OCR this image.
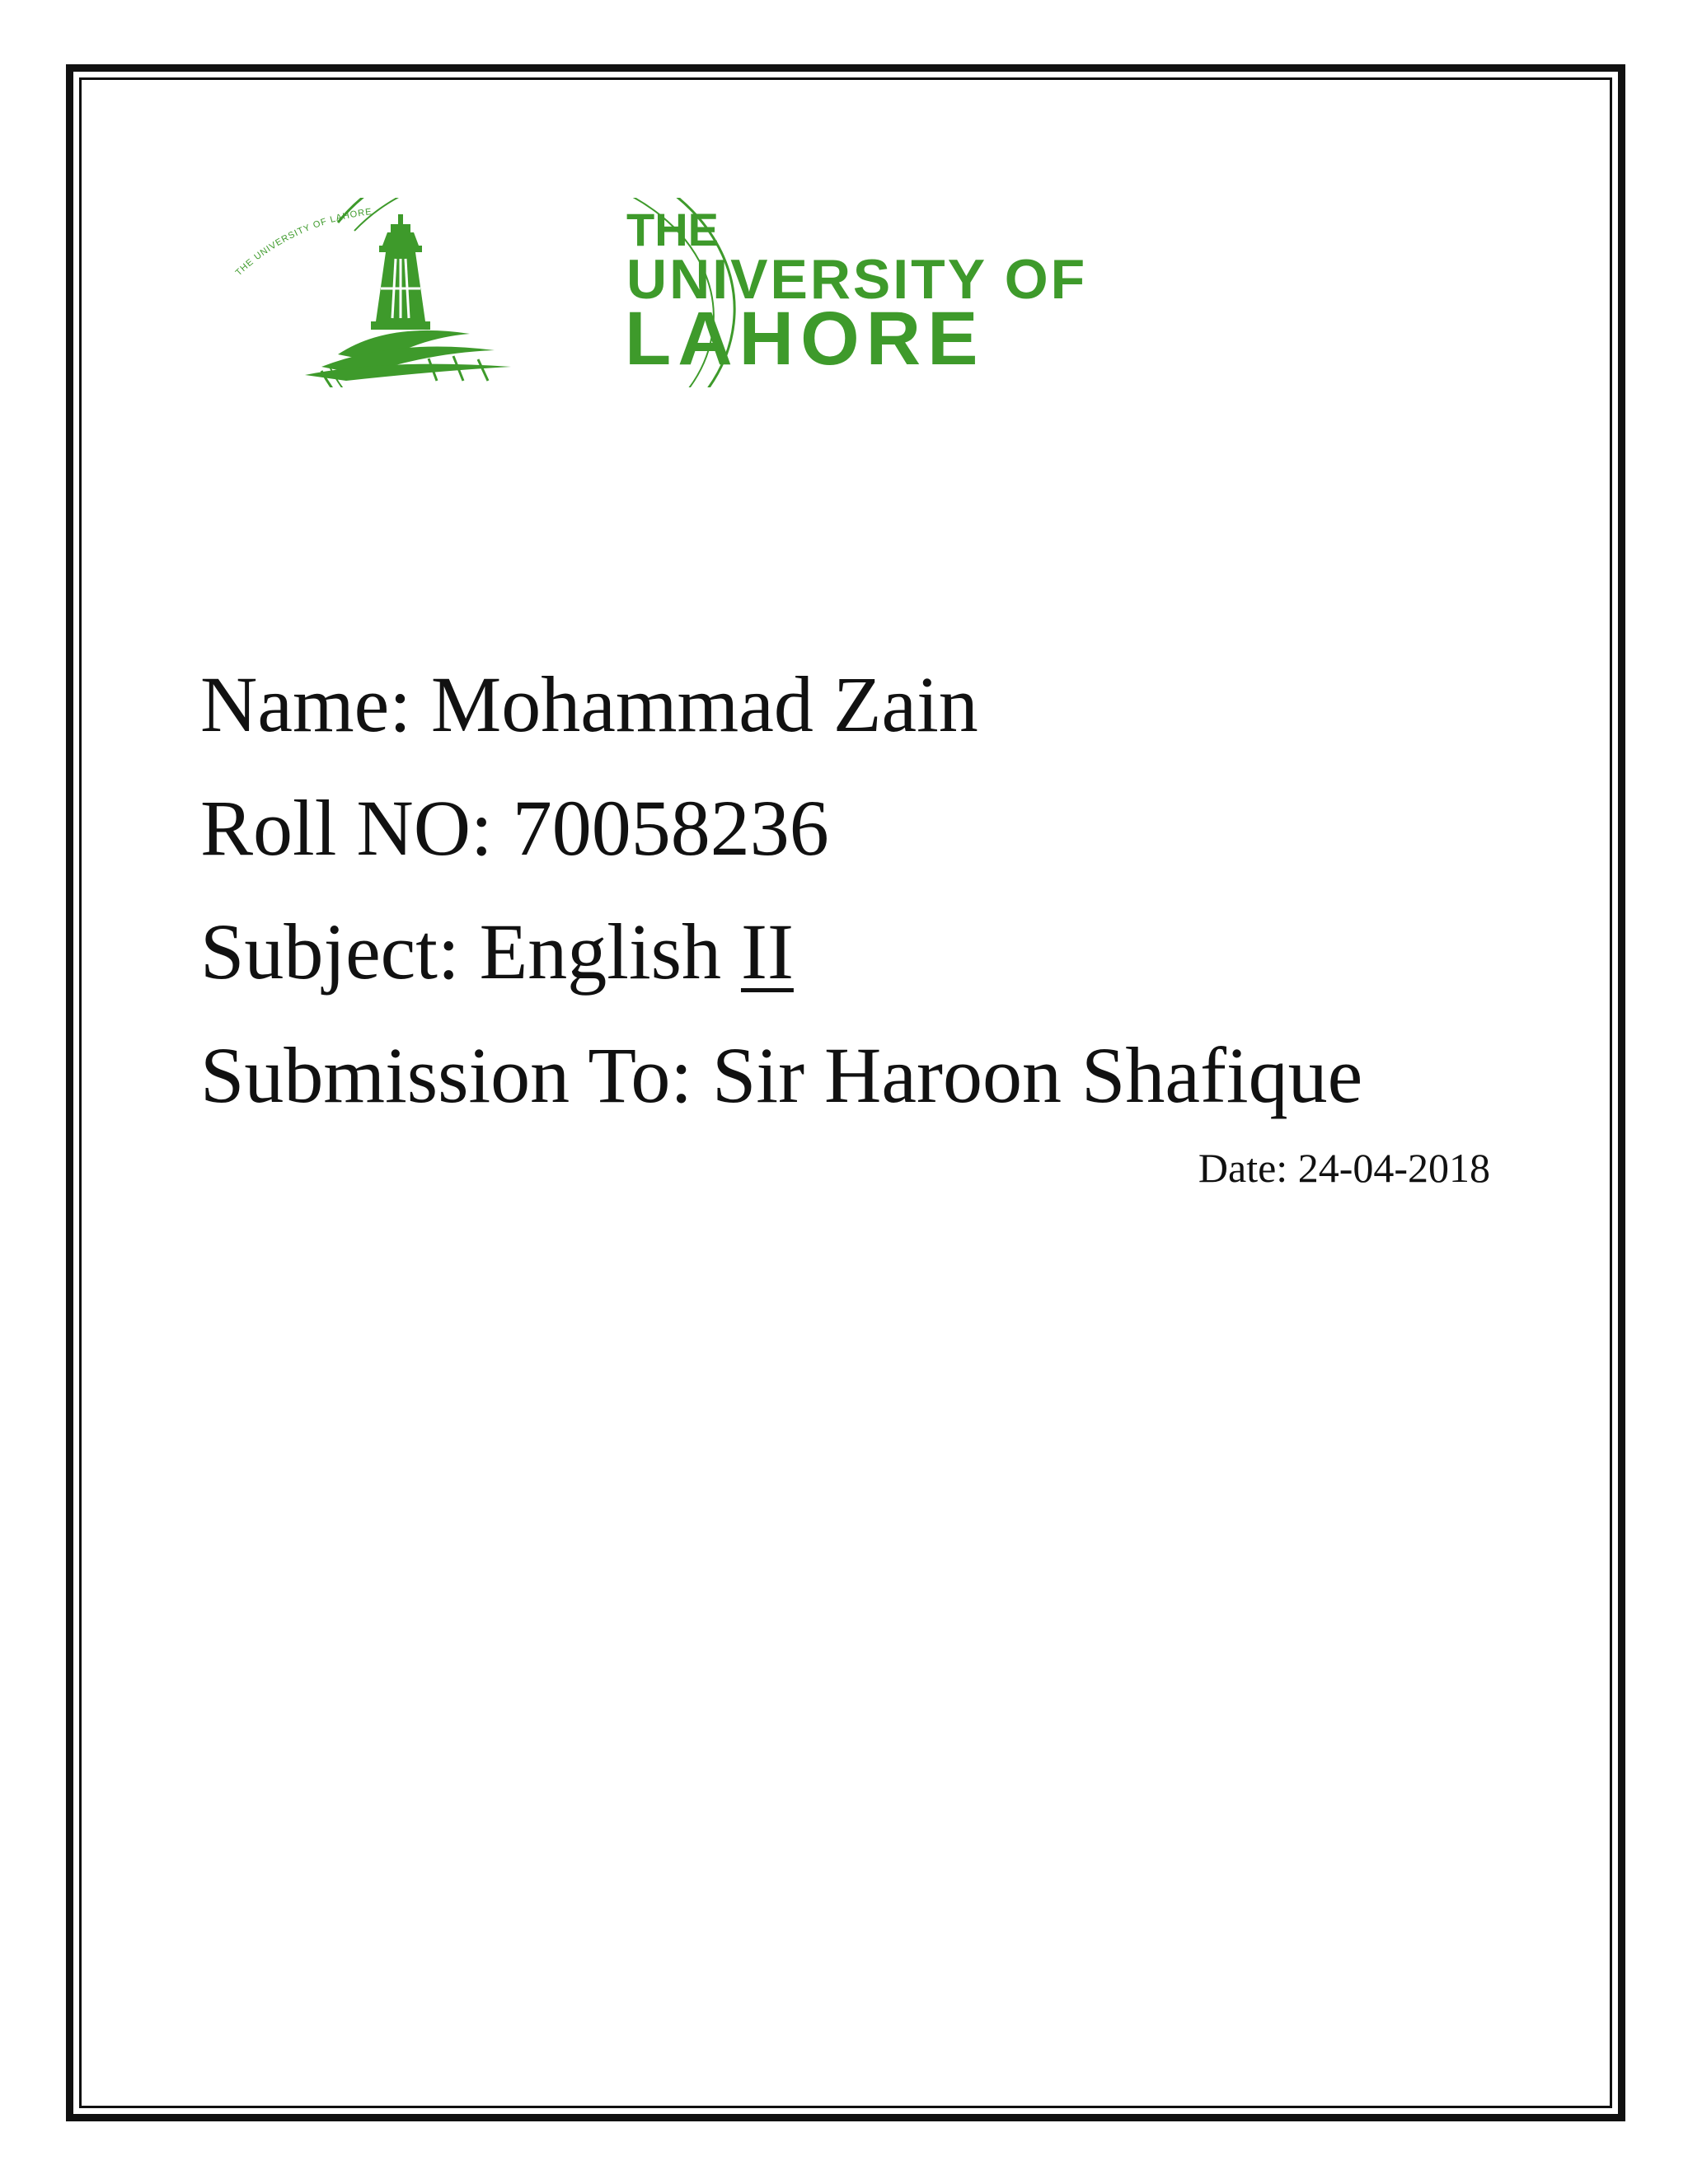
THE UNIVERSITY OF LAHORE	THE
UNIVERSITY OF
LAHORE
Name: Mohammad Zain
Roll NO: 70058236
Subject: English II
Submission To: Sir Haroon Shafique
Date: 24-04-2018
